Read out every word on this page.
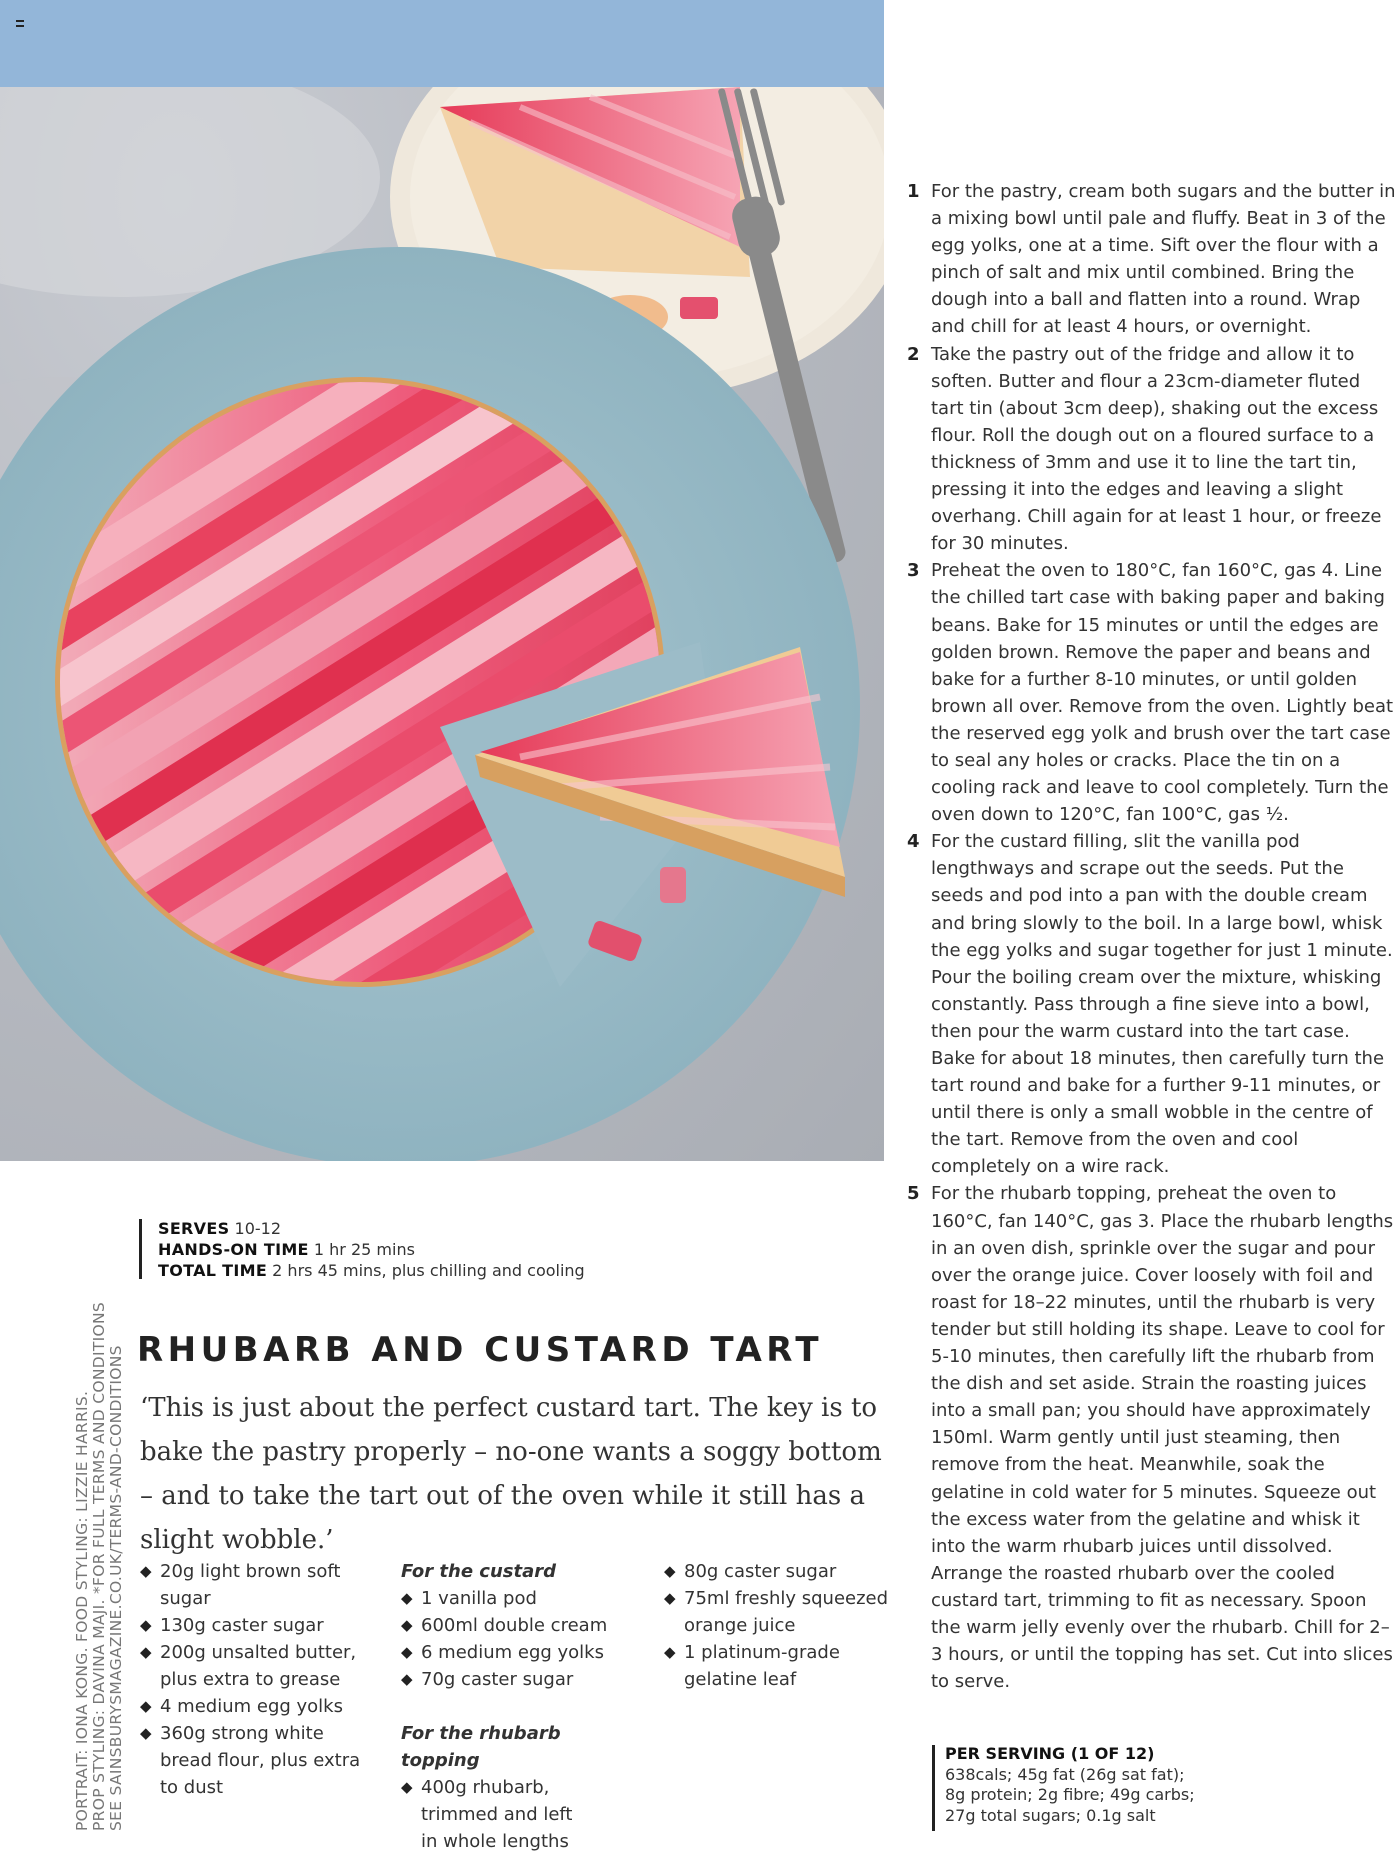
PORTRAIT: IONA KONG. FOOD STYLING: LIZZIE HARRIS. PROP STYLING: DAVINA MAJI. *FOR FULL TERMS AND CONDITIONS SEE SAINSBURYSMAGAZINE.CO.UK/TERMS-AND-CONDITIONS
SERVES 10-12
HANDS-ON TIME 1 hr 25 mins
TOTAL TIME 2 hrs 45 mins, plus chilling and cooling
RHUBARB AND CUSTARD TART
‘This is just about the perfect custard tart. The key is to bake the pastry properly – no-one wants a soggy bottom – and to take the tart out of the oven while it still has a slight wobble.’
◆ 20g light brown soft sugar
◆ 130g caster sugar
◆ 200g unsalted butter, plus extra to grease
◆ 4 medium egg yolks
◆ 360g strong white bread flour, plus extra to dust
For the custard
◆ 1 vanilla pod
◆ 600ml double cream
◆ 6 medium egg yolks
◆ 70g caster sugar
For the rhubarb topping
◆ 400g rhubarb, trimmed and left in whole lengths
◆ 80g caster sugar
◆ 75ml freshly squeezed orange juice
◆ 1 platinum-grade gelatine leaf
1 For the pastry, cream both sugars and the butter in a mixing bowl until pale and fluffy. Beat in 3 of the egg yolks, one at a time. Sift over the flour with a pinch of salt and mix until combined. Bring the dough into a ball and flatten into a round. Wrap and chill for at least 4 hours, or overnight.
2 Take the pastry out of the fridge and allow it to soften. Butter and flour a 23cm-diameter fluted tart tin (about 3cm deep), shaking out the excess flour. Roll the dough out on a floured surface to a thickness of 3mm and use it to line the tart tin, pressing it into the edges and leaving a slight overhang. Chill again for at least 1 hour, or freeze for 30 minutes.
3 Preheat the oven to 180°C, fan 160°C, gas 4. Line the chilled tart case with baking paper and baking beans. Bake for 15 minutes or until the edges are golden brown. Remove the paper and beans and bake for a further 8-10 minutes, or until golden brown all over. Remove from the oven. Lightly beat the reserved egg yolk and brush over the tart case to seal any holes or cracks. Place the tin on a cooling rack and leave to cool completely. Turn the oven down to 120°C, fan 100°C, gas ½.
4 For the custard filling, slit the vanilla pod lengthways and scrape out the seeds. Put the seeds and pod into a pan with the double cream and bring slowly to the boil. In a large bowl, whisk the egg yolks and sugar together for just 1 minute. Pour the boiling cream over the mixture, whisking constantly. Pass through a fine sieve into a bowl, then pour the warm custard into the tart case. Bake for about 18 minutes, then carefully turn the tart round and bake for a further 9-11 minutes, or until there is only a small wobble in the centre of the tart. Remove from the oven and cool completely on a wire rack.
5 For the rhubarb topping, preheat the oven to 160°C, fan 140°C, gas 3. Place the rhubarb lengths in an oven dish, sprinkle over the sugar and pour over the orange juice. Cover loosely with foil and roast for 18–22 minutes, until the rhubarb is very tender but still holding its shape. Leave to cool for 5-10 minutes, then carefully lift the rhubarb from the dish and set aside. Strain the roasting juices into a small pan; you should have approximately 150ml. Warm gently until just steaming, then remove from the heat. Meanwhile, soak the gelatine in cold water for 5 minutes. Squeeze out the excess water from the gelatine and whisk it into the warm rhubarb juices until dissolved. Arrange the roasted rhubarb over the cooled custard tart, trimming to fit as necessary. Spoon the warm jelly evenly over the rhubarb. Chill for 2–3 hours, or until the topping has set. Cut into slices to serve.
PER SERVING (1 OF 12)
638cals; 45g fat (26g sat fat);
8g protein; 2g fibre; 49g carbs;
27g total sugars; 0.1g salt
